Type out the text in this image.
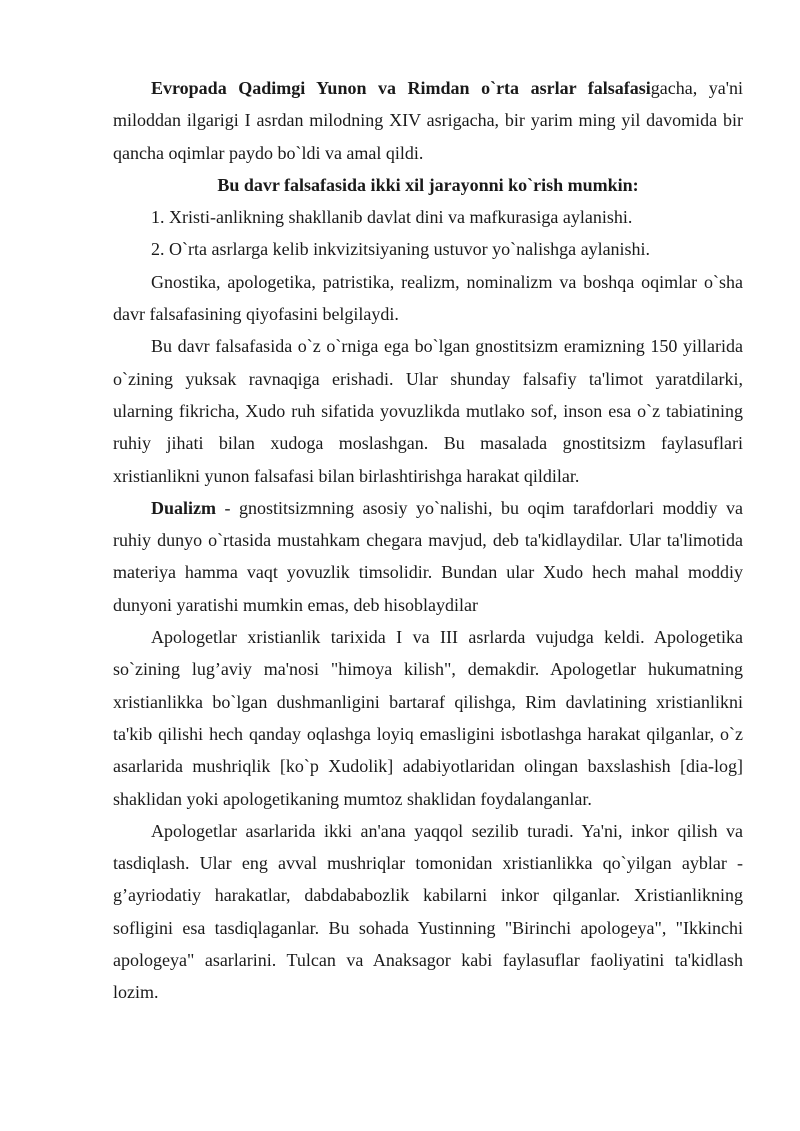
Evropada Qadimgi Yunon va Rimdan o`rta asrlar falsafasigacha, ya'ni miloddan ilgarigi I asrdan milodning XIV asrigacha, bir yarim ming yil davomida bir qancha oqimlar paydo bo`ldi va amal qildi.

Bu davr falsafasida ikki xil jarayonni ko`rish mumkin:

1. Xristi-anlikning shakllanib davlat dini va mafkurasiga aylanishi.

2. O`rta asrlarga kelib inkvizitsiyaning ustuvor yo`nalishga aylanishi.

Gnostika, apologetika, patristika, realizm, nominalizm va boshqa oqimlar o`sha davr falsafasining qiyofasini belgilaydi.

Bu davr falsafasida o`z o`rniga ega bo`lgan gnostitsizm eramizning 150 yillarida o`zining yuksak ravnaqiga erishadi. Ular shunday falsafiy ta'limot yaratdilarki, ularning fikricha, Xudo ruh sifatida yovuzlikda mutlako sof, inson esa o`z tabiatining ruhiy jihati bilan xudoga moslashgan. Bu masalada gnostitsizm faylasuflari xristianlikni yunon falsafasi bilan birlashtirishga harakat qildilar.

Dualizm - gnostitsizmning asosiy yo`nalishi, bu oqim tarafdorlari moddiy va ruhiy dunyo o`rtasida mustahkam chegara mavjud, deb ta'kidlaydilar. Ular ta'limotida materiya hamma vaqt yovuzlik timsolidir. Bundan ular Xudo hech mahal moddiy dunyoni yaratishi mumkin emas, deb hisoblaydilar

Apologetlar xristianlik tarixida I va III asrlarda vujudga keldi. Apologetika so`zining lug’aviy ma'nosi "himoya kilish", demakdir. Apologetlar hukumatning xristianlikka bo`lgan dushmanligini bartaraf qilishga, Rim davlatining xristianlikni ta'kib qilishi hech qanday oqlashga loyiq emasligini isbotlashga harakat qilganlar, o`z asarlarida mushriqlik [ko`p Xudolik] adabiyotlaridan olingan baxslashish [dia-log] shaklidan yoki apologetikaning mumtoz shaklidan foydalanganlar.

Apologetlar asarlarida ikki an'ana yaqqol sezilib turadi. Ya'ni, inkor qilish va tasdiqlash. Ular eng avval mushriqlar tomonidan xristianlikka qo`yilgan ayblar - g’ayriodatiy harakatlar, dabdababozlik kabilarni inkor qilganlar. Xristianlikning sofligini esa tasdiqlaganlar. Bu sohada Yustinning "Birinchi apologeya", "Ikkinchi apologeya" asarlarini. Tulcan va Anaksagor kabi faylasuflar faoliyatini ta'kidlash lozim.
